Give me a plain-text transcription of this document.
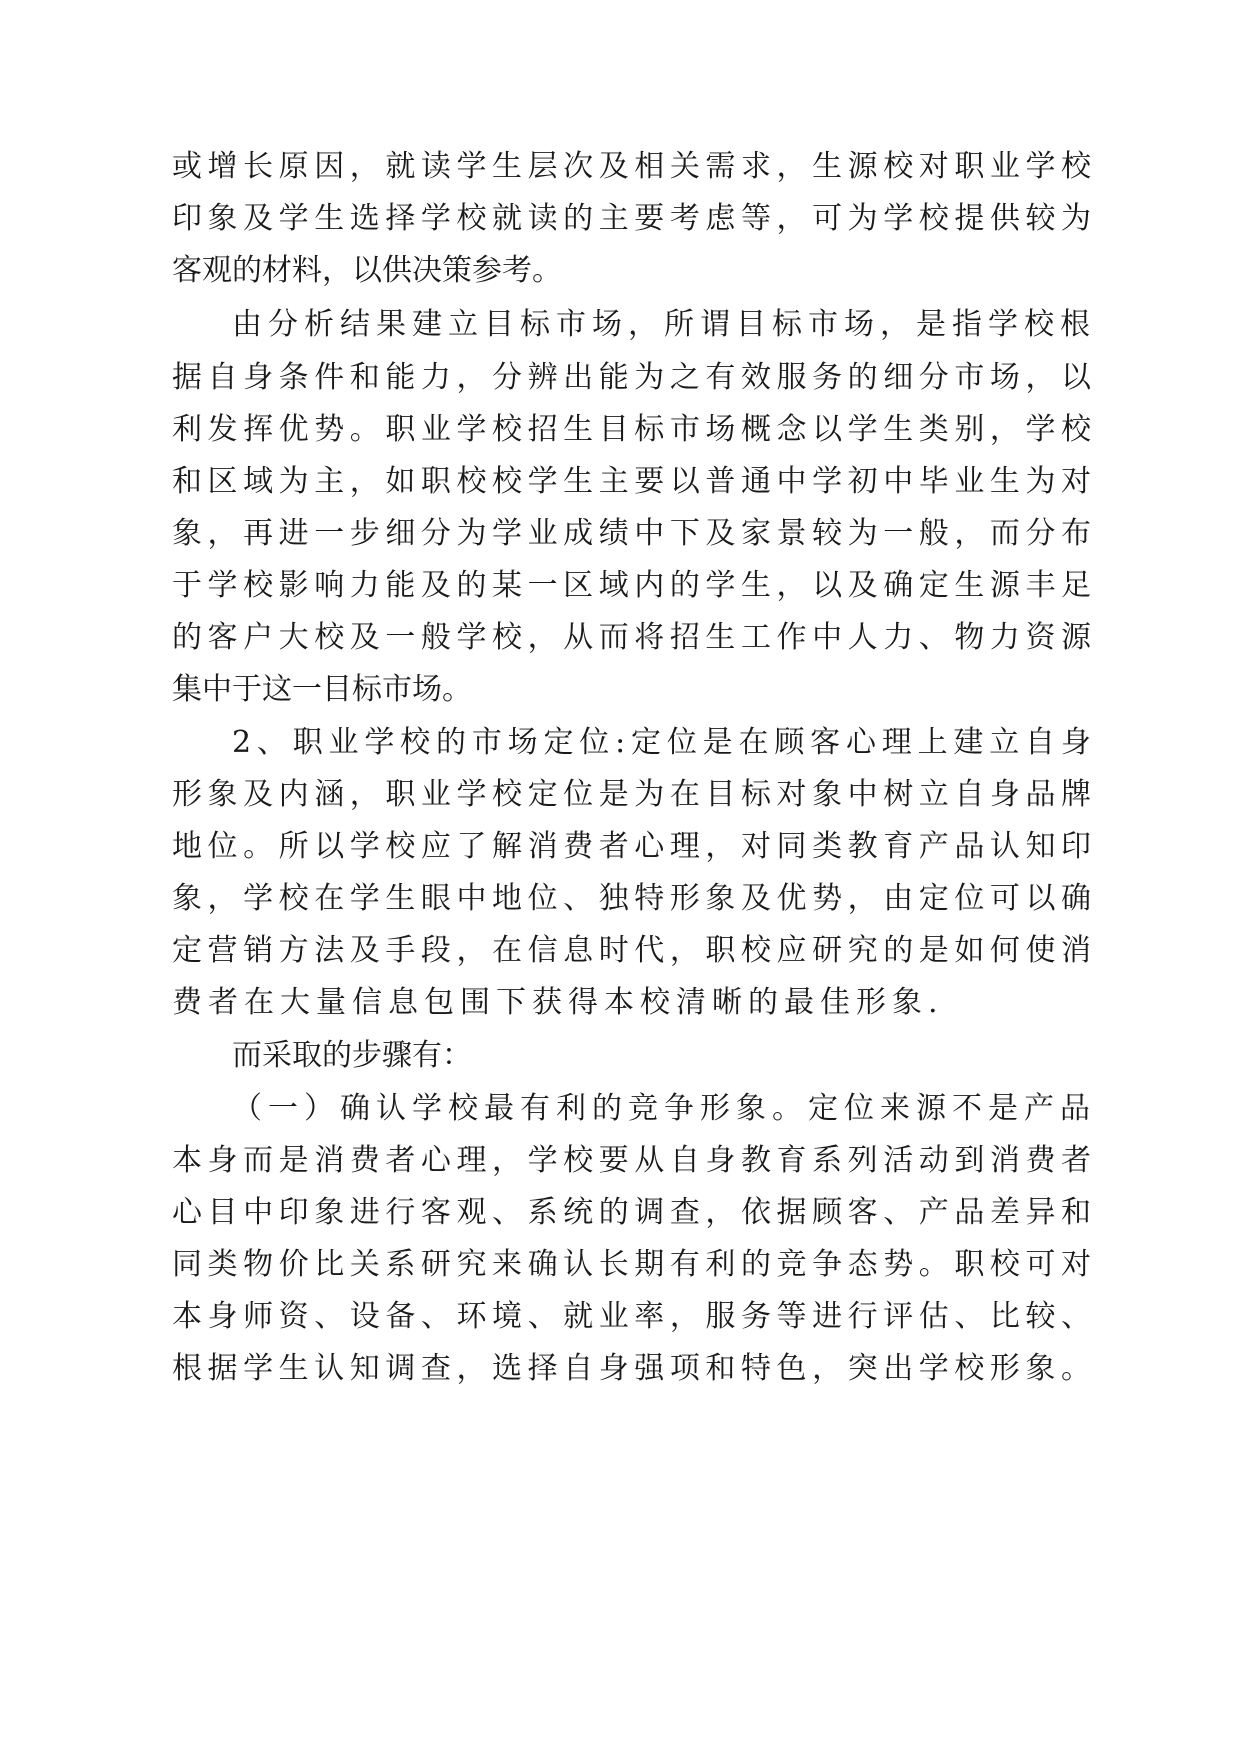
或增长原因，就读学生层次及相关需求，生源校对职业学校
印象及学生选择学校就读的主要考虑等，可为学校提供较为
客观的材料，以供决策参考。
由分析结果建立目标市场，所谓目标市场，是指学校根
据自身条件和能力，分辨出能为之有效服务的细分市场，以
利发挥优势。职业学校招生目标市场概念以学生类别，学校
和区域为主，如职校校学生主要以普通中学初中毕业生为对
象，再进一步细分为学业成绩中下及家景较为一般，而分布
于学校影响力能及的某一区域内的学生，以及确定生源丰足
的客户大校及一般学校，从而将招生工作中人力、物力资源
集中于这一目标市场。
2、职业学校的市场定位:定位是在顾客心理上建立自身
形象及内涵，职业学校定位是为在目标对象中树立自身品牌
地位。所以学校应了解消费者心理，对同类教育产品认知印
象，学校在学生眼中地位、独特形象及优势，由定位可以确
定营销方法及手段，在信息时代，职校应研究的是如何使消
费者在大量信息包围下获得本校清晰的最佳形象.
而采取的步骤有：
（一）确认学校最有利的竞争形象。定位来源不是产品
本身而是消费者心理，学校要从自身教育系列活动到消费者
心目中印象进行客观、系统的调查，依据顾客、产品差异和
同类物价比关系研究来确认长期有利的竞争态势。职校可对
本身师资、设备、环境、就业率，服务等进行评估、比较、
根据学生认知调查，选择自身强项和特色，突出学校形象。
